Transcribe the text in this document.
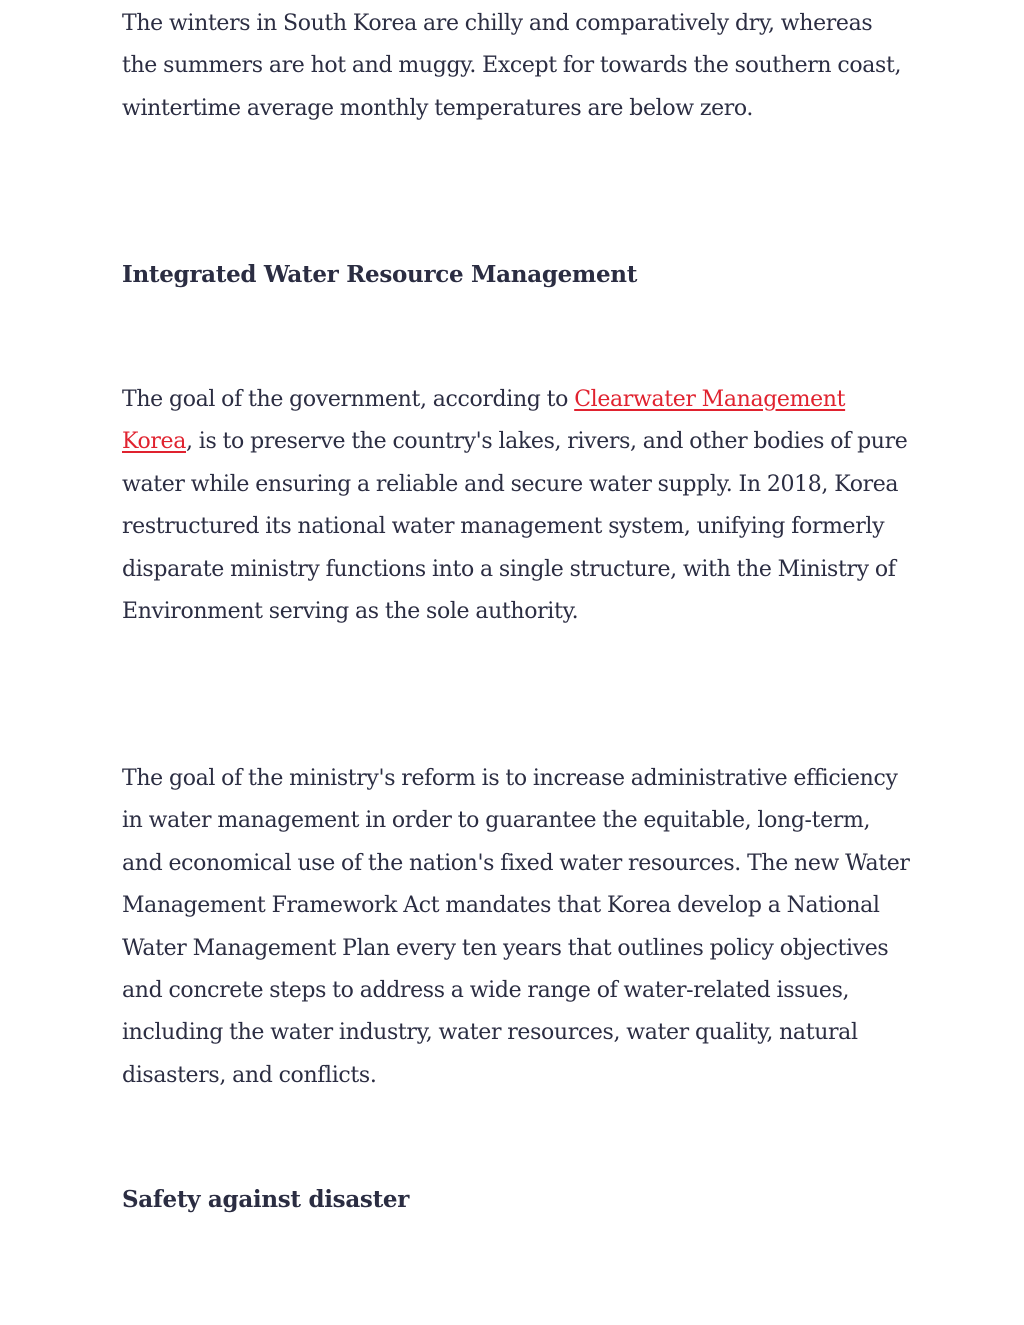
The winters in South Korea are chilly and comparatively dry, whereas the summers are hot and muggy. Except for towards the southern coast, wintertime average monthly temperatures are below zero.

Integrated Water Resource Management

The goal of the government, according to Clearwater Management Korea, is to preserve the country's lakes, rivers, and other bodies of pure water while ensuring a reliable and secure water supply. In 2018, Korea restructured its national water management system, unifying formerly disparate ministry functions into a single structure, with the Ministry of Environment serving as the sole authority.

The goal of the ministry's reform is to increase administrative efficiency in water management in order to guarantee the equitable, long-term, and economical use of the nation's fixed water resources. The new Water Management Framework Act mandates that Korea develop a National Water Management Plan every ten years that outlines policy objectives and concrete steps to address a wide range of water-related issues, including the water industry, water resources, water quality, natural disasters, and conflicts.

Safety against disaster
